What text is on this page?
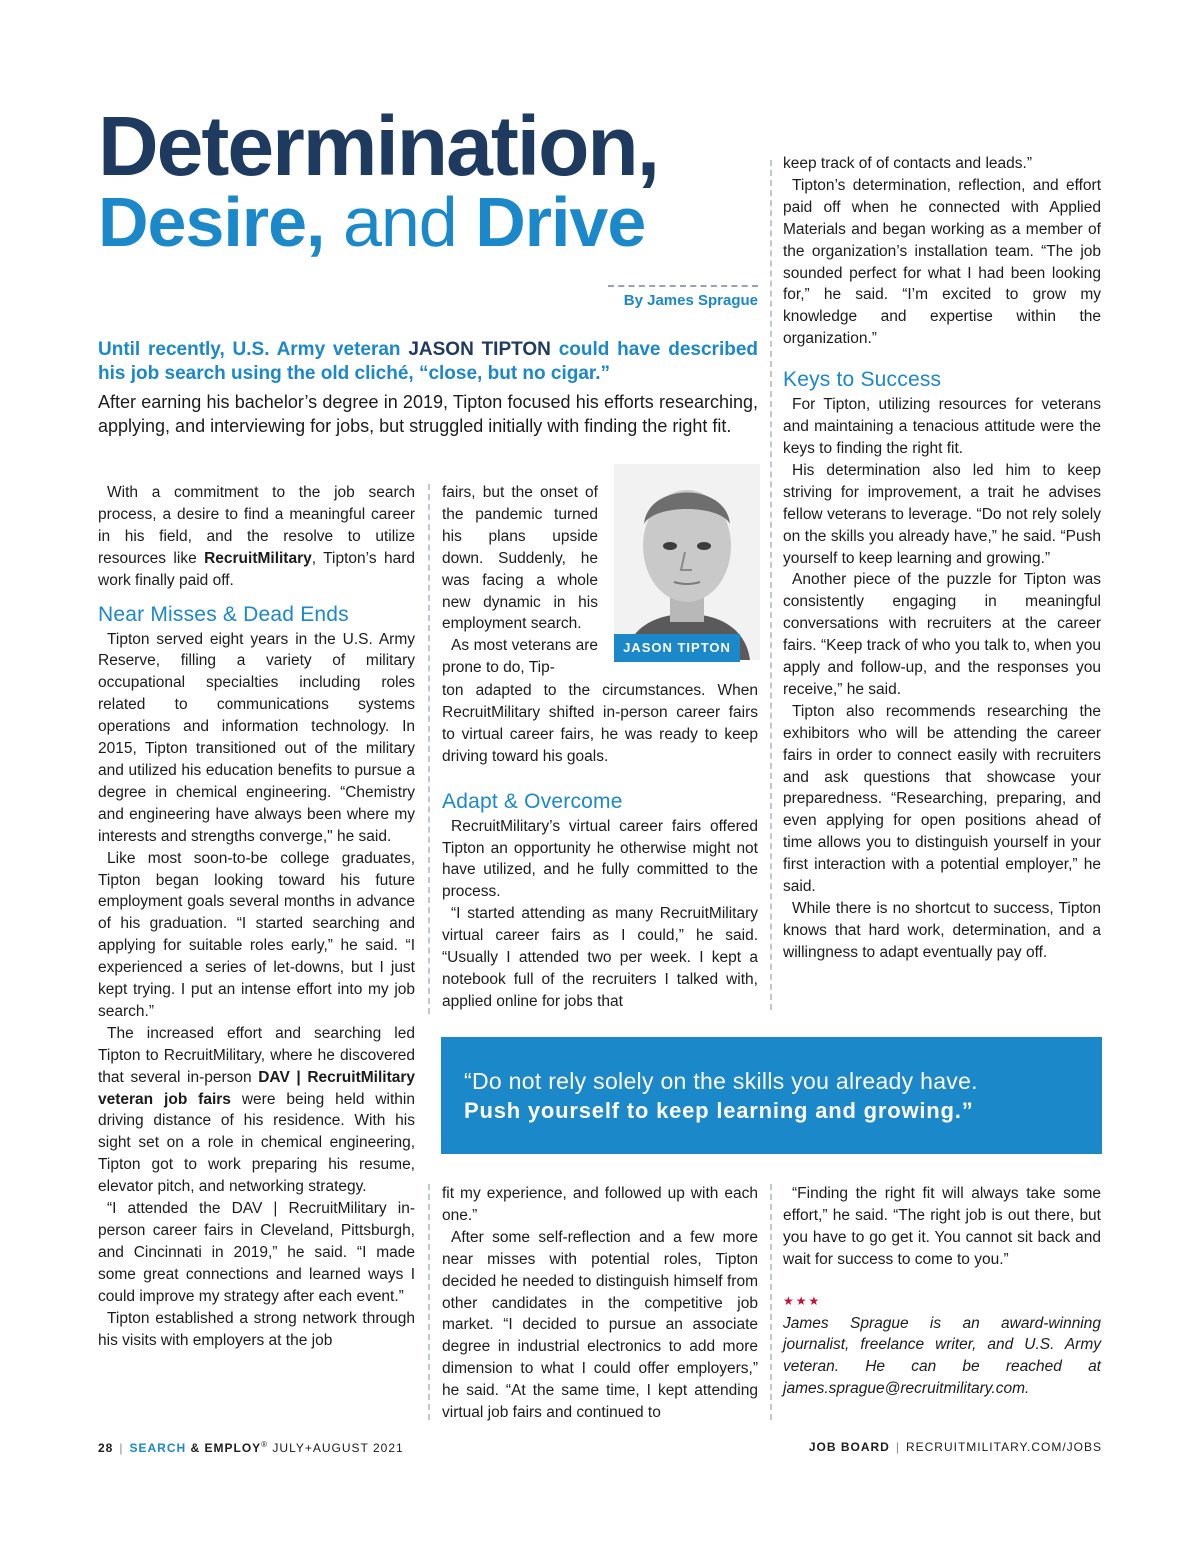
Determination,
Desire, and Drive
By James Sprague
Until recently, U.S. Army veteran JASON TIPTON could have described his job search using the old cliché, “close, but no cigar.”
After earning his bachelor’s degree in 2019, Tipton focused his efforts researching, applying, and interviewing for jobs, but struggled initially with finding the right fit.

With a commitment to the job search process, a desire to find a meaningful career in his field, and the resolve to utilize resources like RecruitMilitary, Tipton’s hard work finally paid off.

Near Misses & Dead Ends

Tipton served eight years in the U.S. Army Reserve, filling a variety of military occupational specialties including roles related to communications systems operations and information technology. In 2015, Tipton transitioned out of the military and utilized his education benefits to pursue a degree in chemical engineering. “Chemistry and engineering have always been where my interests and strengths converge," he said.

Like most soon-to-be college graduates, Tipton began looking toward his future employment goals several months in advance of his graduation. “I started searching and applying for suitable roles early,” he said. “I experienced a series of let-downs, but I just kept trying. I put an intense effort into my job search.”

The increased effort and searching led Tipton to RecruitMilitary, where he discovered that several in-person DAV | RecruitMilitary veteran job fairs were being held within driving distance of his residence. With his sight set on a role in chemical engineering, Tipton got to work preparing his resume, elevator pitch, and networking strategy.

“I attended the DAV | RecruitMilitary in-person career fairs in Cleveland, Pittsburgh, and Cincinnati in 2019,” he said. “I made some great connections and learned ways I could improve my strategy after each event.”

Tipton established a strong network through his visits with employers at the job

fairs, but the onset of the pandemic turned his plans upside down. Suddenly, he was facing a whole new dynamic in his employment search.

As most veterans are prone to do, Tip-

ton adapted to the circumstances. When RecruitMilitary shifted in-person career fairs to virtual career fairs, he was ready to keep driving toward his goals.

Adapt & Overcome

RecruitMilitary’s virtual career fairs offered Tipton an opportunity he otherwise might not have utilized, and he fully committed to the process.

“I started attending as many RecruitMilitary virtual career fairs as I could,” he said. “Usually I attended two per week. I kept a notebook full of the recruiters I talked with, applied online for jobs that

JASON TIPTON

keep track of of contacts and leads.”

Tipton’s determination, reflection, and effort paid off when he connected with Applied Materials and began working as a member of the organization’s installation team. “The job sounded perfect for what I had been looking for,” he said. “I’m excited to grow my knowledge and expertise within the organization.”

Keys to Success

For Tipton, utilizing resources for veterans and maintaining a tenacious attitude were the keys to finding the right fit.

His determination also led him to keep striving for improvement, a trait he advises fellow veterans to leverage. “Do not rely solely on the skills you already have,” he said. “Push yourself to keep learning and growing.”

Another piece of the puzzle for Tipton was consistently engaging in meaningful conversations with recruiters at the career fairs. “Keep track of who you talk to, when you apply and follow-up, and the responses you receive,” he said.

Tipton also recommends researching the exhibitors who will be attending the career fairs in order to connect easily with recruiters and ask questions that showcase your preparedness. “Researching, preparing, and even applying for open positions ahead of time allows you to distinguish yourself in your first interaction with a potential employer,” he said.

While there is no shortcut to success, Tipton knows that hard work, determination, and a willingness to adapt eventually pay off.

“Do not rely solely on the skills you already have.
Push yourself to keep learning and growing.”

fit my experience, and followed up with each one.”

After some self-reflection and a few more near misses with potential roles, Tipton decided he needed to distinguish himself from other candidates in the competitive job market. “I decided to pursue an associate degree in industrial electronics to add more dimension to what I could offer employers,” he said. “At the same time, I kept attending virtual job fairs and continued to

“Finding the right fit will always take some effort,” he said. “The right job is out there, but you have to go get it. You cannot sit back and wait for success to come to you.”

★★★

James Sprague is an award-winning journalist, freelance writer, and U.S. Army veteran. He can be reached at james.sprague@recruitmilitary.com.

28 | SEARCH & EMPLOY® JULY+AUGUST 2021	JOB BOARD | RECRUITMILITARY.COM/JOBS
